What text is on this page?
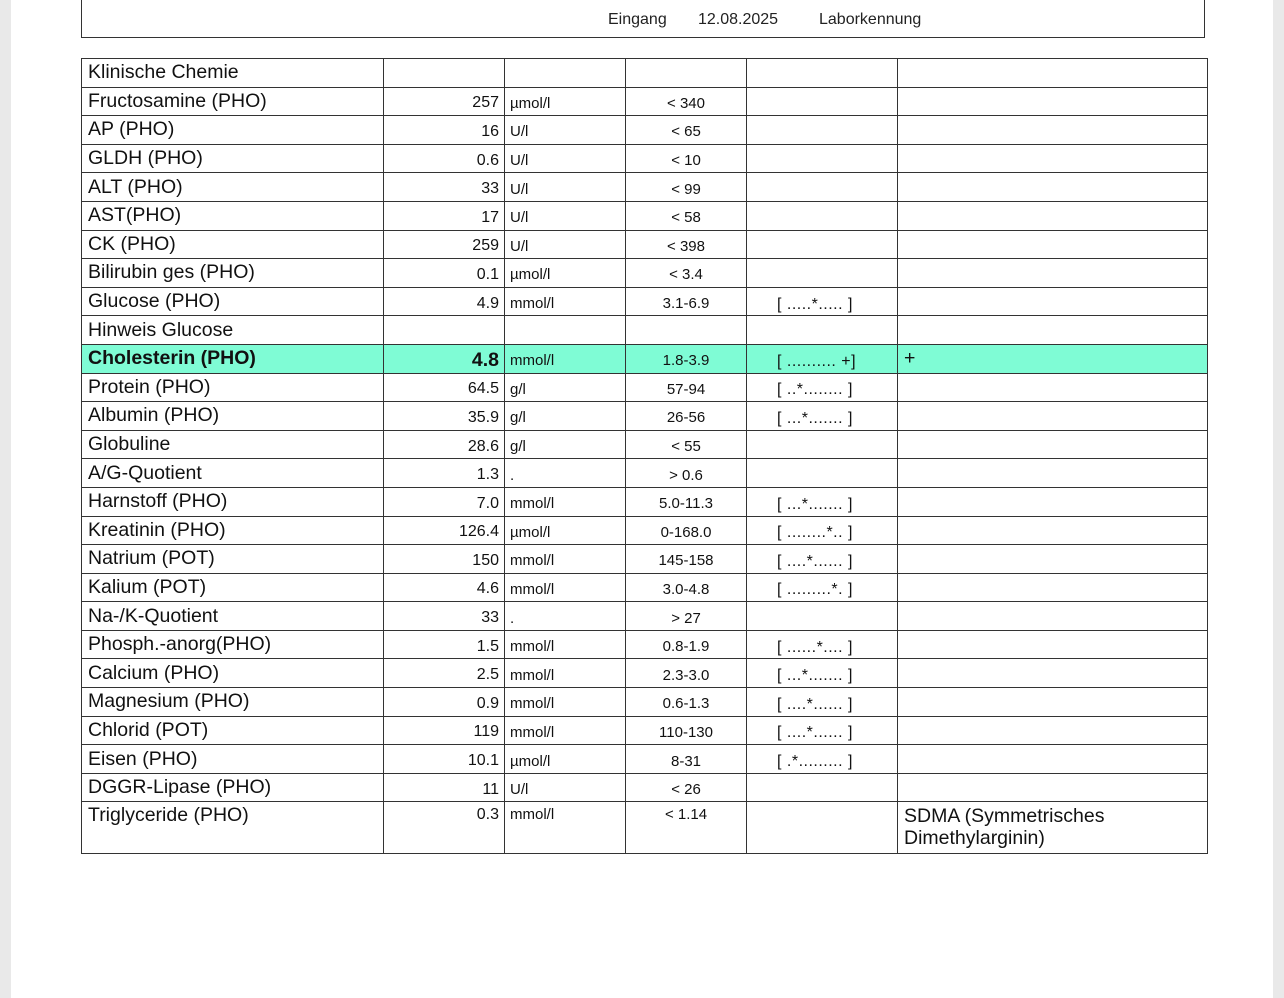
Eingang 12.08.2025	Laborkennung
Klinische Chemie					
Fructosamine (PHO)	257	µmol/l	< 340		
AP (PHO)	16	U/l	< 65		
GLDH (PHO)	0.6	U/l	< 10		
ALT (PHO)	33	U/l	< 99		
AST(PHO)	17	U/l	< 58		
CK (PHO)	259	U/l	< 398		
Bilirubin ges (PHO)	0.1	µmol/l	< 3.4		
Glucose (PHO)	4.9	mmol/l	3.1-6.9	[ .....*..... ]	
Hinweis Glucose					
Cholesterin (PHO)	4.8	mmol/l	1.8-3.9	[ .......... +]	+
Protein (PHO)	64.5	g/l	57-94	[ ..*........ ]	
Albumin (PHO)	35.9	g/l	26-56	[ ...*....... ]	
Globuline	28.6	g/l	< 55		
A/G-Quotient	1.3	.	> 0.6		
Harnstoff (PHO)	7.0	mmol/l	5.0-11.3	[ ...*....... ]	
Kreatinin (PHO)	126.4	µmol/l	0-168.0	[ ........*.. ]	
Natrium (POT)	150	mmol/l	145-158	[ ....*...... ]	
Kalium (POT)	4.6	mmol/l	3.0-4.8	[ .........*. ]	
Na-/K-Quotient	33	.	> 27		
Phosph.-anorg(PHO)	1.5	mmol/l	0.8-1.9	[ ......*.... ]	
Calcium (PHO)	2.5	mmol/l	2.3-3.0	[ ...*....... ]	
Magnesium (PHO)	0.9	mmol/l	0.6-1.3	[ ....*...... ]	
Chlorid (POT)	119	mmol/l	110-130	[ ....*...... ]	
Eisen (PHO)	10.1	µmol/l	8-31	[ .*......... ]	
DGGR-Lipase (PHO)	11	U/l	< 26		
Triglyceride (PHO)	0.3	mmol/l	< 1.14		SDMA (Symmetrisches Dimethylarginin)
